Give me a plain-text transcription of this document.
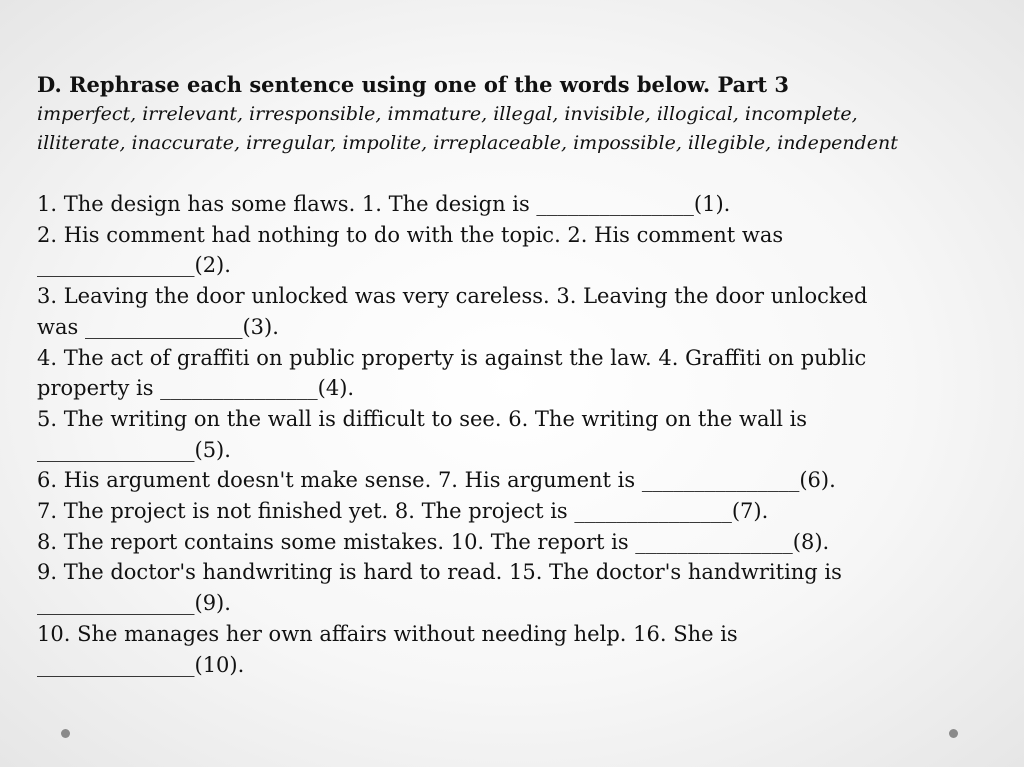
D. Rephrase each sentence using one of the words below. Part 3

imperfect, irrelevant, irresponsible, immature, illegal, invisible, illogical, incomplete,

illiterate, inaccurate, irregular, impolite, irreplaceable, impossible, illegible, independent

1. The design has some flaws. 1. The design is _______________(1).

2. His comment had nothing to do with the topic. 2. His comment was

_______________(2).

3. Leaving the door unlocked was very careless. 3. Leaving the door unlocked

was _______________(3).

4. The act of graffiti on public property is against the law. 4. Graffiti on public

property is _______________(4).

5. The writing on the wall is difficult to see. 6. The writing on the wall is

_______________(5).

6. His argument doesn't make sense. 7. His argument is _______________(6).

7. The project is not finished yet. 8. The project is _______________(7).

8. The report contains some mistakes. 10. The report is _______________(8).

9. The doctor's handwriting is hard to read. 15. The doctor's handwriting is

_______________(9).

10. She manages her own affairs without needing help. 16. She is

_______________(10).
